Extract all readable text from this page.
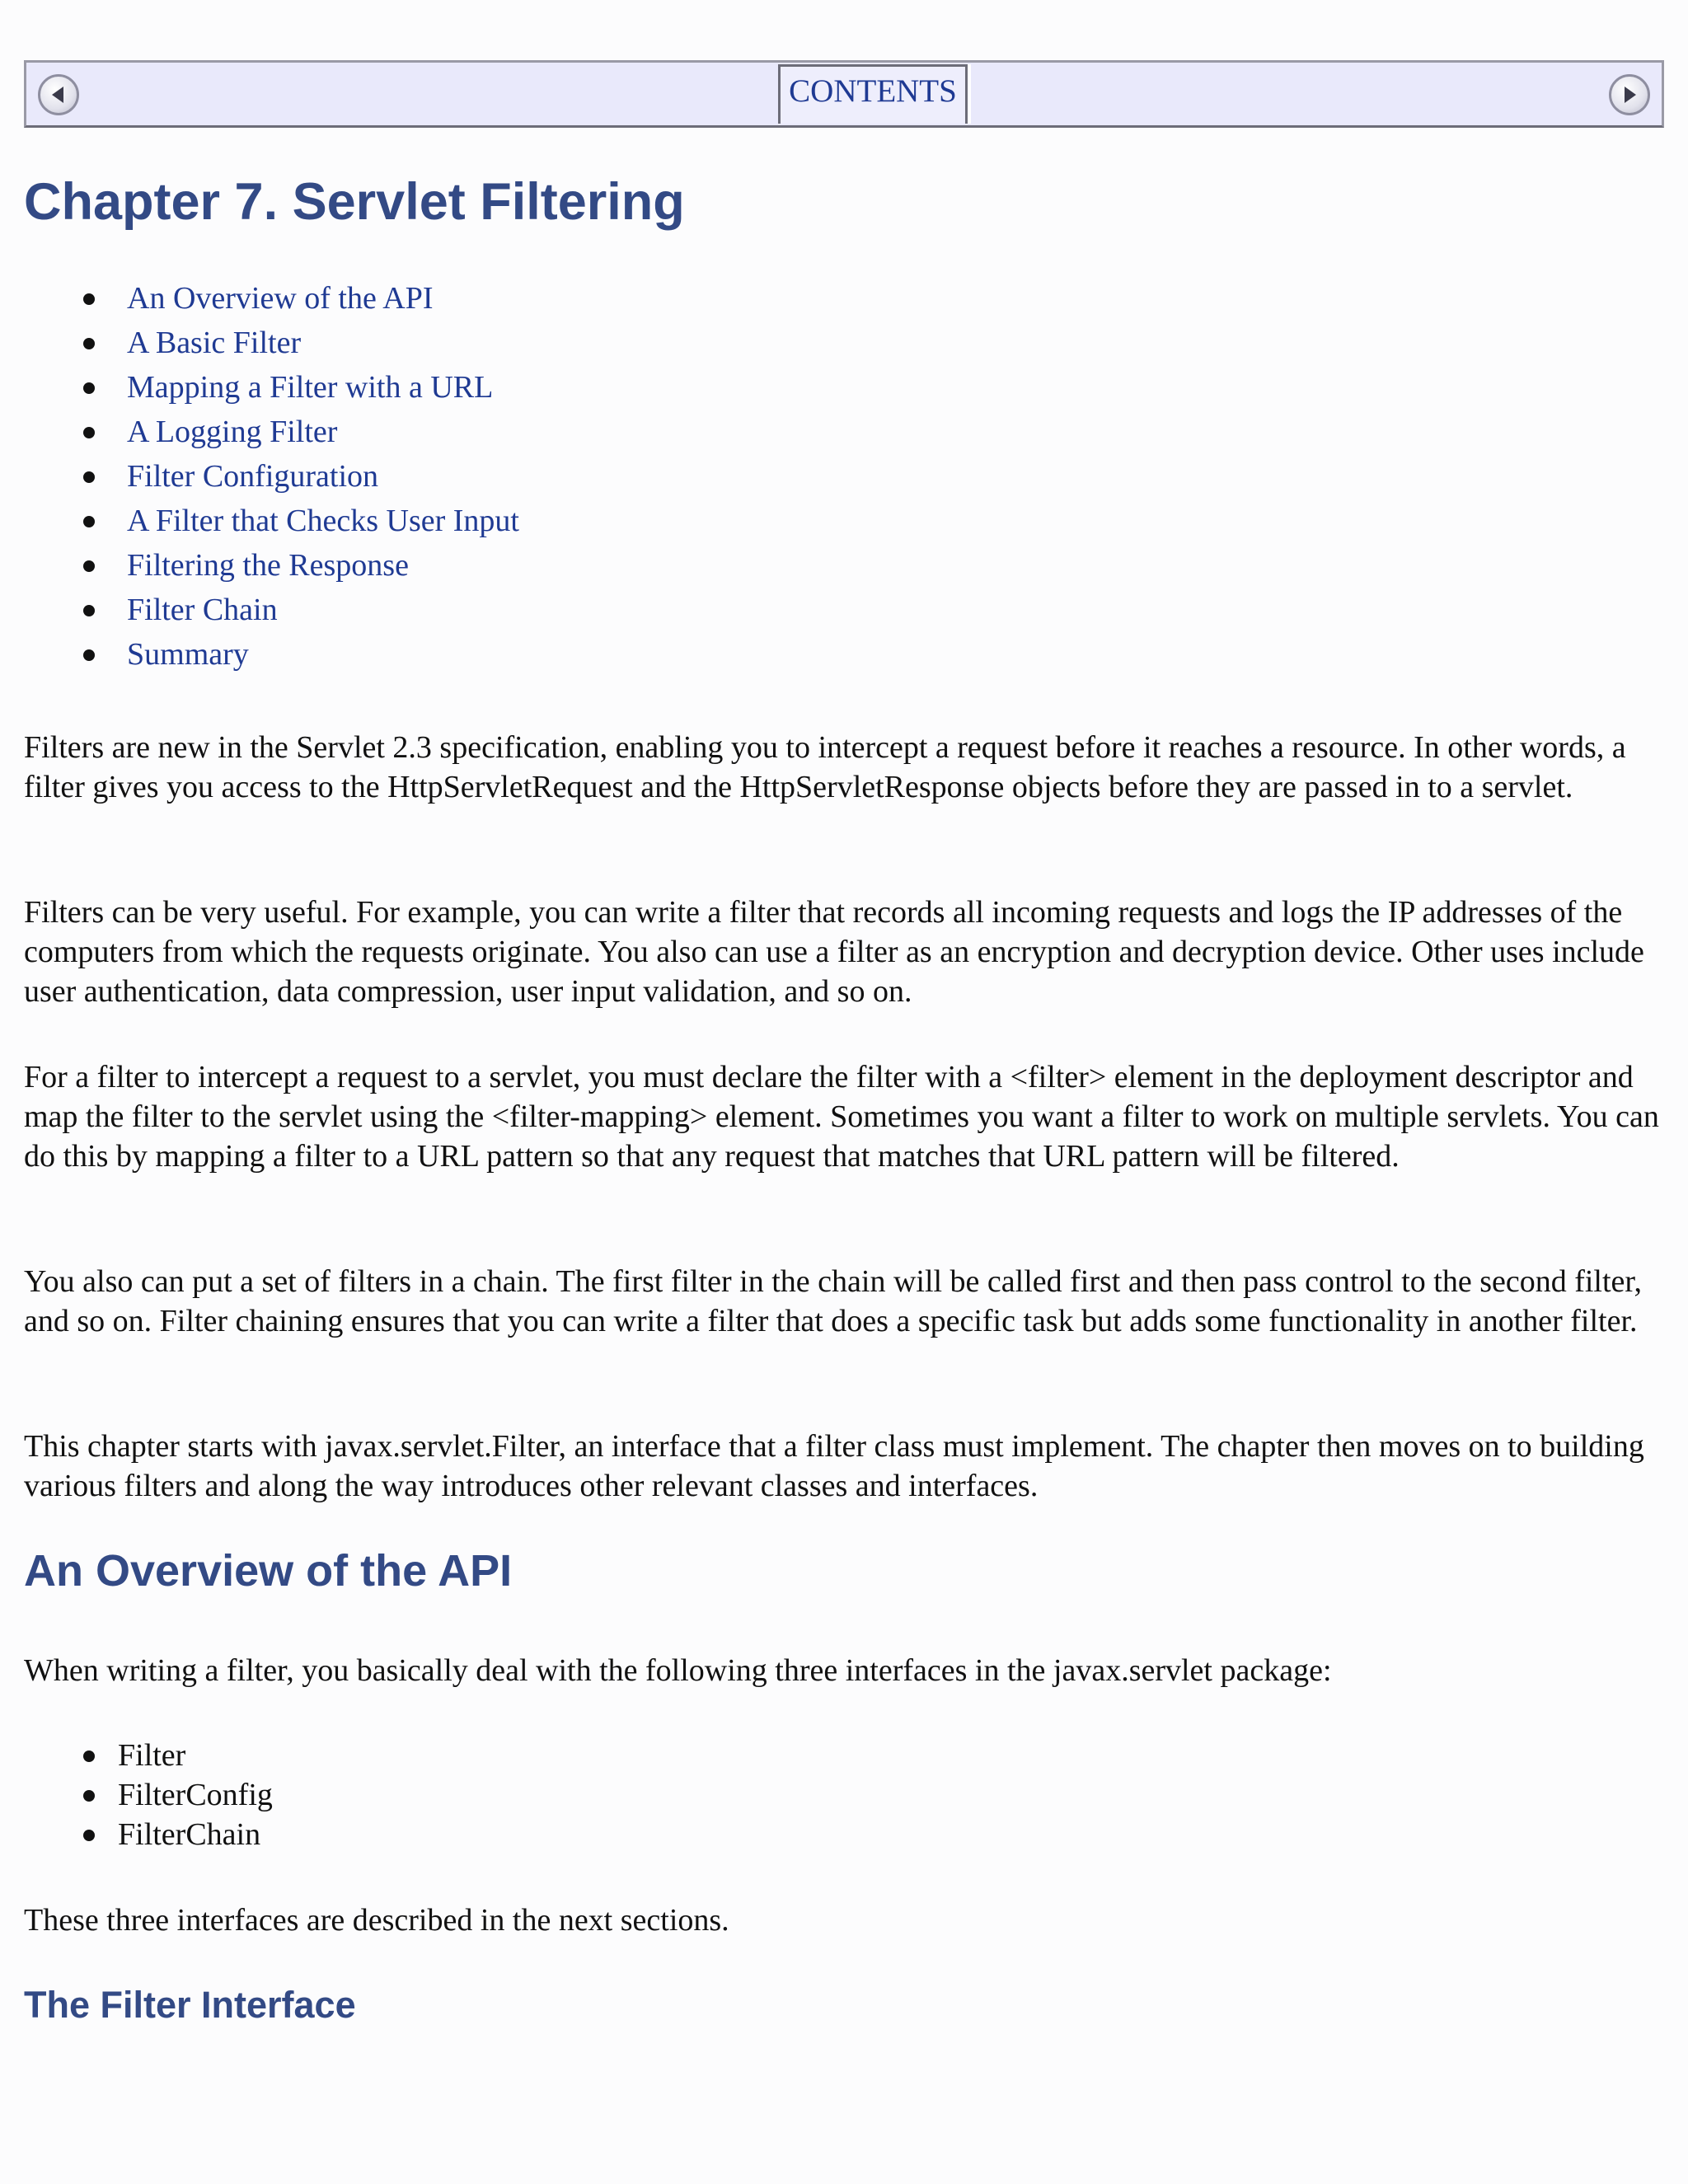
CONTENTS
Chapter 7. Servlet Filtering
An Overview of the API
A Basic Filter
Mapping a Filter with a URL
A Logging Filter
Filter Configuration
A Filter that Checks User Input
Filtering the Response
Filter Chain
Summary

Filters are new in the Servlet 2.3 specification, enabling you to intercept a request before it reaches a resource. In other words, a filter gives you access to the HttpServletRequest and the HttpServletResponse objects before they are passed in to a servlet.

Filters can be very useful. For example, you can write a filter that records all incoming requests and logs the IP addresses of the computers from which the requests originate. You also can use a filter as an encryption and decryption device. Other uses include user authentication, data compression, user input validation, and so on.

For a filter to intercept a request to a servlet, you must declare the filter with a <filter> element in the deployment descriptor and map the filter to the servlet using the <filter-mapping> element. Sometimes you want a filter to work on multiple servlets. You can do this by mapping a filter to a URL pattern so that any request that matches that URL pattern will be filtered.

You also can put a set of filters in a chain. The first filter in the chain will be called first and then pass control to the second filter, and so on. Filter chaining ensures that you can write a filter that does a specific task but adds some functionality in another filter.

This chapter starts with javax.servlet.Filter, an interface that a filter class must implement. The chapter then moves on to building various filters and along the way introduces other relevant classes and interfaces.

An Overview of the API

When writing a filter, you basically deal with the following three interfaces in the javax.servlet package:

Filter
FilterConfig
FilterChain

These three interfaces are described in the next sections.

The Filter Interface
